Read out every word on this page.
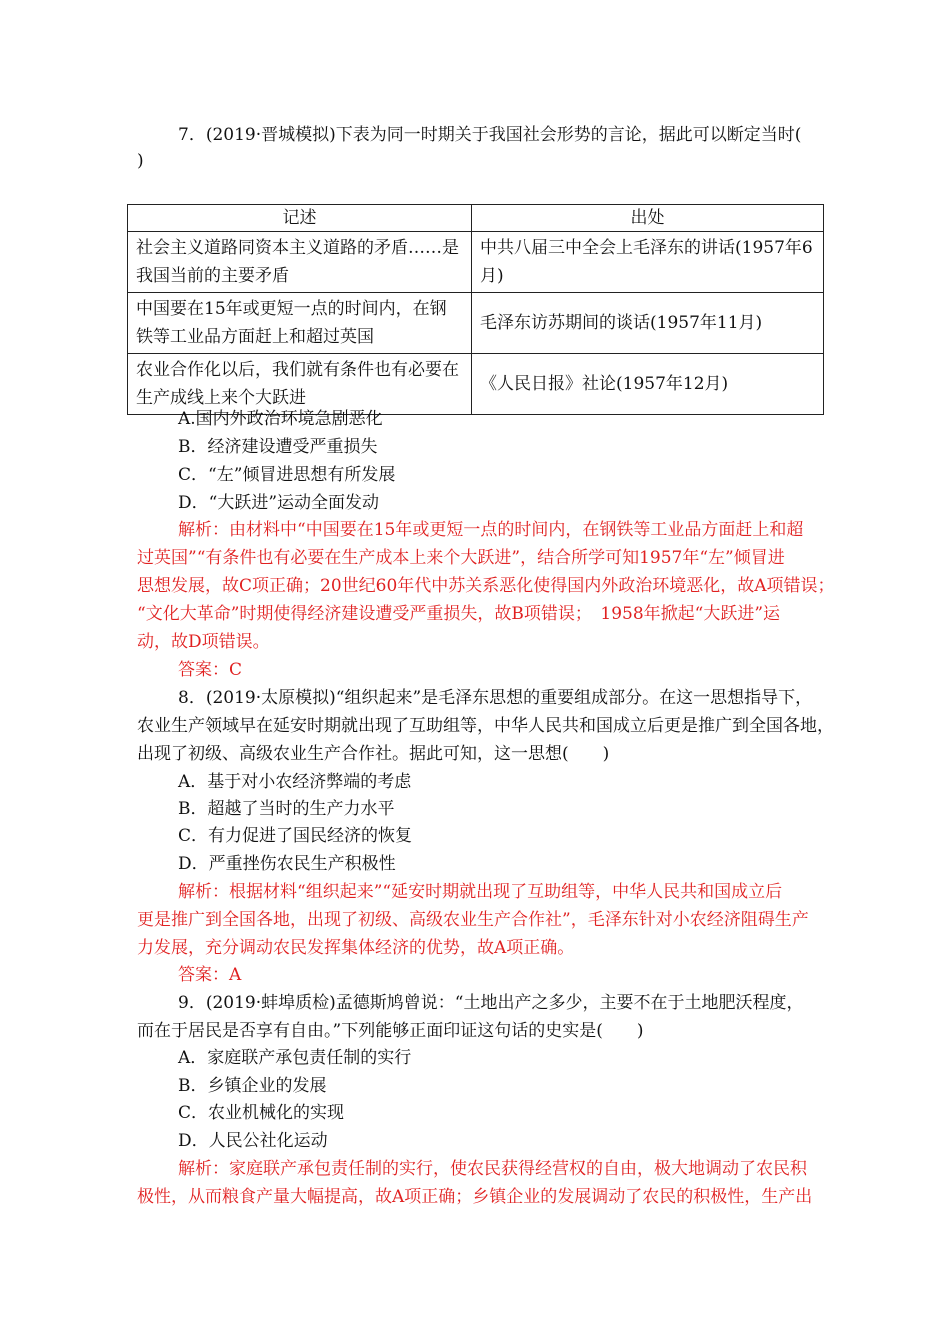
7．(2019·晋城模拟)下表为同一时期关于我国社会形势的言论，据此可以断定当时(
)
记述	出处
社会主义道路同资本主义道路的矛盾……是我国当前的主要矛盾	中共八届三中全会上毛泽东的讲话(1957年6月)
中国要在15年或更短一点的时间内，在钢铁等工业品方面赶上和超过英国	毛泽东访苏期间的谈话(1957年11月)
农业合作化以后，我们就有条件也有必要在生产成线上来个大跃进	《人民日报》社论(1957年12月)
A.国内外政治环境急剧恶化
B．经济建设遭受严重损失
C．“左”倾冒进思想有所发展
D．“大跃进”运动全面发动
解析：由材料中“中国要在15年或更短一点的时间内，在钢铁等工业品方面赶上和超
过英国”“有条件也有必要在生产成本上来个大跃进”，结合所学可知1957年“左”倾冒进
思想发展，故C项正确；20世纪60年代中苏关系恶化使得国内外政治环境恶化，故A项错误；
“文化大革命”时期使得经济建设遭受严重损失，故B项错误；　1958年掀起“大跃进”运
动，故D项错误。
答案：C
8．(2019·太原模拟)“组织起来”是毛泽东思想的重要组成部分。在这一思想指导下，
农业生产领域早在延安时期就出现了互助组等，中华人民共和国成立后更是推广到全国各地，
出现了初级、高级农业生产合作社。据此可知，这一思想(　　)
A．基于对小农经济弊端的考虑
B．超越了当时的生产力水平
C．有力促进了国民经济的恢复
D．严重挫伤农民生产积极性
解析：根据材料“组织起来”“延安时期就出现了互助组等，中华人民共和国成立后
更是推广到全国各地，出现了初级、高级农业生产合作社”，毛泽东针对小农经济阻碍生产
力发展，充分调动农民发挥集体经济的优势，故A项正确。
答案：A
9．(2019·蚌埠质检)孟德斯鸠曾说：“土地出产之多少，主要不在于土地肥沃程度，
而在于居民是否享有自由。”下列能够正面印证这句话的史实是(　　)
A．家庭联产承包责任制的实行
B．乡镇企业的发展
C．农业机械化的实现
D．人民公社化运动
解析：家庭联产承包责任制的实行，使农民获得经营权的自由，极大地调动了农民积
极性，从而粮食产量大幅提高，故A项正确；乡镇企业的发展调动了农民的积极性，生产出
